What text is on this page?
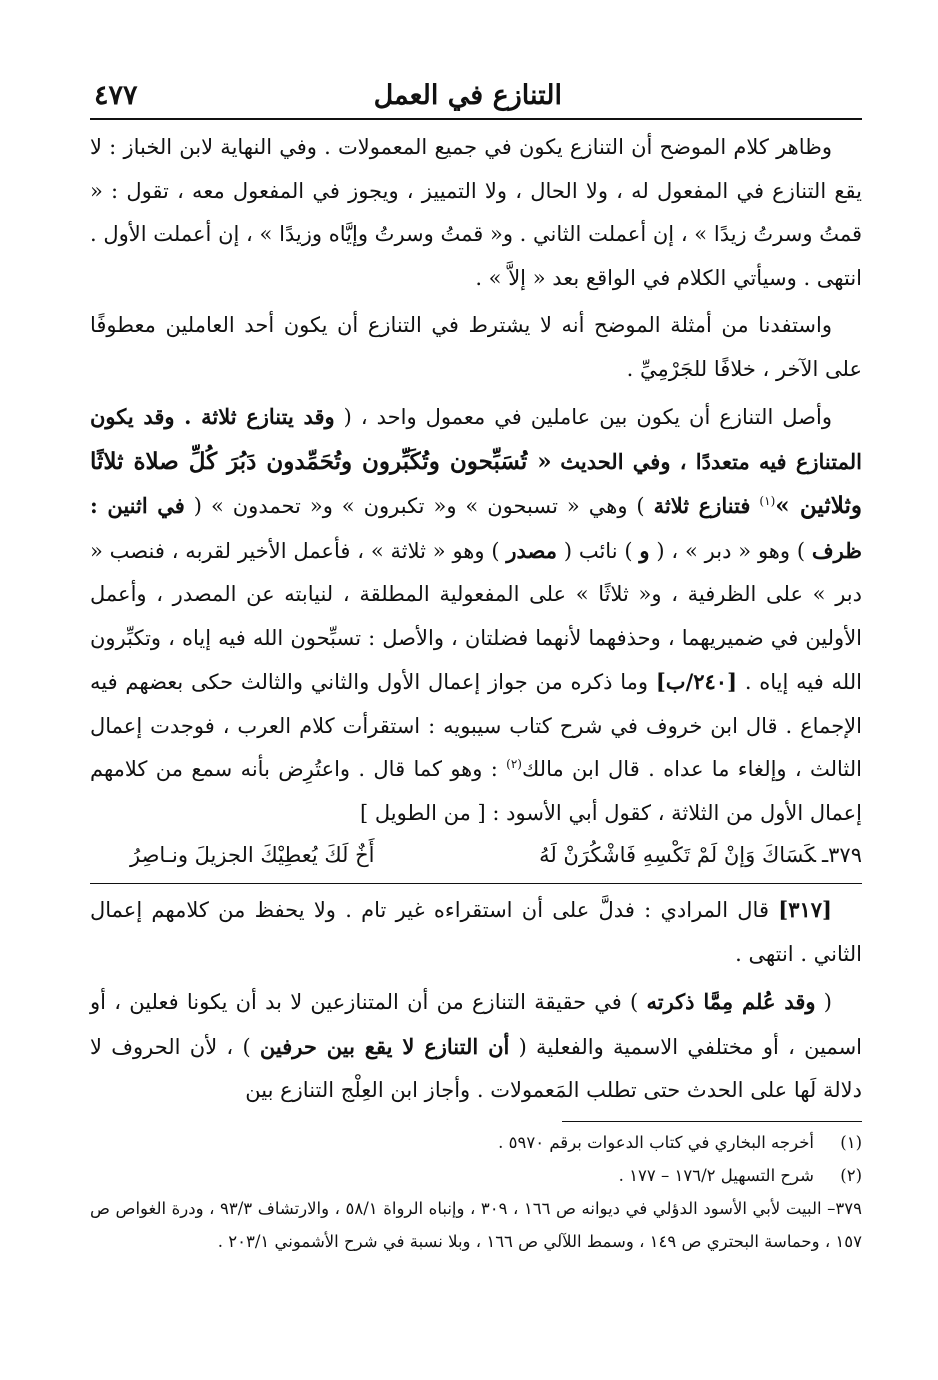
التنازع في العمل
٤٧٧

وظاهر كلام الموضح أن التنازع يكون في جميع المعمولات . وفي النهاية لابن الخباز : لا يقع التنازع في المفعول له ، ولا الحال ، ولا التمييز ، ويجوز في المفعول معه ، تقول : « قمتُ وسرتُ زيدًا » ، إن أعملت الثاني . و« قمتُ وسرتُ وإيَّاه وزيدًا » ، إن أعملت الأول . انتهى . وسيأتي الكلام في الواقع بعد « إلاَّ » .

واستفدنا من أمثلة الموضح أنه لا يشترط في التنازع أن يكون أحد العاملين معطوفًا على الآخر ، خلافًا للجَرْمِيِّ .

وأصل التنازع أن يكون بين عاملين في معمول واحد ، ( وقد يتنازع ثلاثة . وقد يكون المتنازع فيه متعددًا ، وفي الحديث « تُسَبِّحون وتُكَبِّرون وتُحَمِّدون دَبُرَ كُلِّ صلاة ثلاثًا وثلاثين »$^{(١)}$ فتنازع ثلاثة ) وهي « تسبحون » و« تكبرون » و« تحمدون » ( في اثنين : ظرف ) وهو « دبر » ، ( و ) نائب ( مصدر ) وهو « ثلاثة » ، فأعمل الأخير لقربه ، فنصب « دبر » على الظرفية ، و« ثلاثًا » على المفعولية المطلقة ، لنيابته عن المصدر ، وأعمل الأولين في ضميريهما ، وحذفهما لأنهما فضلتان ، والأصل : تسبِّحون الله فيه إياه ، وتكبِّرون الله فيه إياه . [٢٤٠/ب] وما ذكره من جواز إعمال الأول والثاني والثالث حكى بعضهم فيه الإجماع . قال ابن خروف في شرح كتاب سيبويه : استقرأت كلام العرب ، فوجدت إعمال الثالث ، وإلغاء ما عداه . قال ابن مالك$^{(٢)}$ : وهو كما قال . واعتُرِض بأنه سمع من كلامهم إعمال الأول من الثلاثة ، كقول أبي الأسود : [ من الطويل ]

٣٧٩ـكَسَاكَ وَإنْ لَمْ تَكْسِهِ فَاشْكُرَنْ لَهُ
أَخٌ لَكَ يُعطِيْكَ الجزيلَ ونـاصِرُ

[٣١٧] قال المرادي : فدلَّ على أن استقراءه غير تام . ولا يحفظ من كلامهم إعمال الثاني . انتهى .

( وقد عُلم مِمَّا ذكرته ) في حقيقة التنازع من أن المتنازعين لا بد أن يكونا فعلين ، أو اسمين ، أو مختلفي الاسمية والفعلية ( أن التنازع لا يقع بين حرفين ) ، لأن الحروف لا دلالة لَها على الحدث حتى تطلب المَعمولات . وأجاز ابن العِلْج التنازع بين

(١)
أخرجه البخاري في كتاب الدعوات برقم ٥٩٧٠ .
(٢)
شرح التسهيل ١٧٦/٢ – ١٧٧ .
٣٧٩– البيت لأبي الأسود الدؤلي في ديوانه ص ١٦٦ ، ٣٠٩ ، وإنباه الرواة ٥٨/١ ، والارتشاف ٩٣/٣ ، ودرة الغواص ص ١٥٧ ، وحماسة البحتري ص ١٤٩ ، وسمط اللآلي ص ١٦٦ ، وبلا نسبة في شرح الأشموني ٢٠٣/١ .
